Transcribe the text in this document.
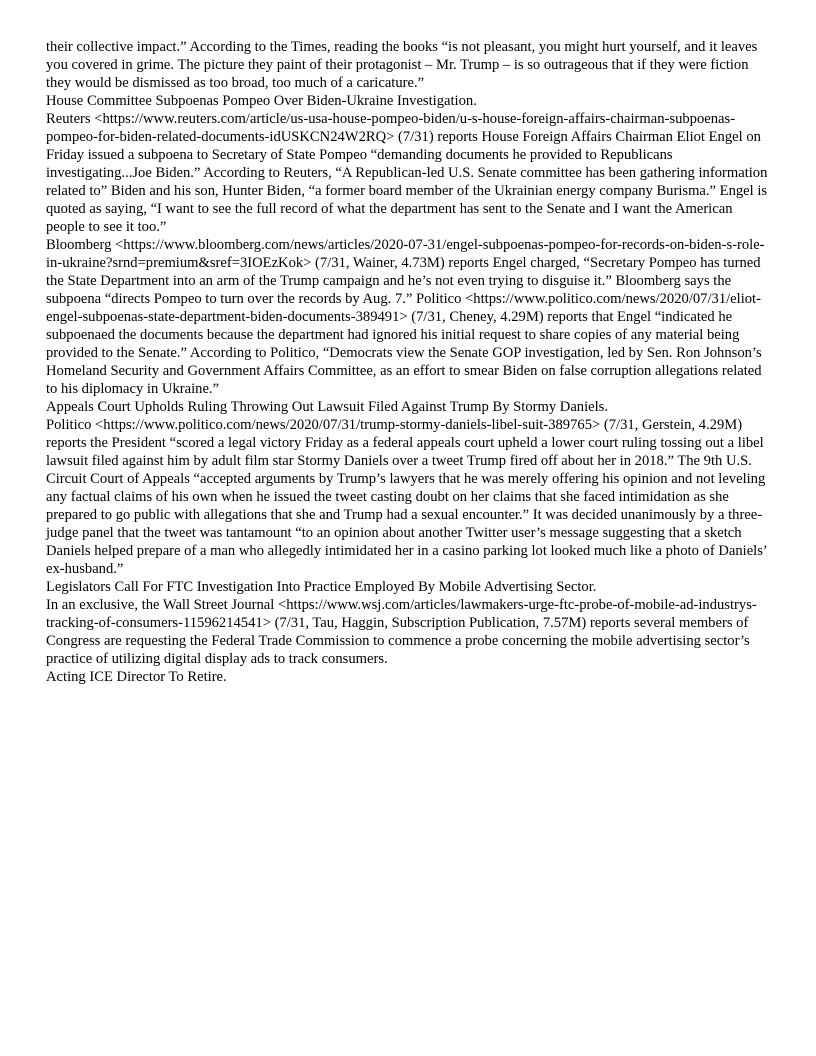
their collective impact.” According to the Times, reading the books “is not pleasant, you might hurt yourself, and it leaves you covered in grime. The picture they paint of their protagonist – Mr. Trump – is so outrageous that if they were fiction they would be dismissed as too broad, too much of a caricature.”

House Committee Subpoenas Pompeo Over Biden-Ukraine Investigation.

Reuters <https://www.reuters.com/article/us-usa-house-pompeo-biden/u-s-house-foreign-affairs-chairman-subpoenas-pompeo-for-biden-related-documents-idUSKCN24W2RQ> (7/31) reports House Foreign Affairs Chairman Eliot Engel on Friday issued a subpoena to Secretary of State Pompeo “demanding documents he provided to Republicans investigating...Joe Biden.” According to Reuters, “A Republican-led U.S. Senate committee has been gathering information related to” Biden and his son, Hunter Biden, “a former board member of the Ukrainian energy company Burisma.” Engel is quoted as saying, “I want to see the full record of what the department has sent to the Senate and I want the American people to see it too.”

Bloomberg <https://www.bloomberg.com/news/articles/2020-07-31/engel-subpoenas-pompeo-for-records-on-biden-s-role-in-ukraine?srnd=premium&sref=3IOEzKok> (7/31, Wainer, 4.73M) reports Engel charged, “Secretary Pompeo has turned the State Department into an arm of the Trump campaign and he’s not even trying to disguise it.” Bloomberg says the subpoena “directs Pompeo to turn over the records by Aug. 7.” Politico <https://www.politico.com/news/2020/07/31/eliot-engel-subpoenas-state-department-biden-documents-389491> (7/31, Cheney, 4.29M) reports that Engel “indicated he subpoenaed the documents because the department had ignored his initial request to share copies of any material being provided to the Senate.” According to Politico, “Democrats view the Senate GOP investigation, led by Sen. Ron Johnson’s Homeland Security and Government Affairs Committee, as an effort to smear Biden on false corruption allegations related to his diplomacy in Ukraine.”

Appeals Court Upholds Ruling Throwing Out Lawsuit Filed Against Trump By Stormy Daniels.

Politico <https://www.politico.com/news/2020/07/31/trump-stormy-daniels-libel-suit-389765> (7/31, Gerstein, 4.29M) reports the President “scored a legal victory Friday as a federal appeals court upheld a lower court ruling tossing out a libel lawsuit filed against him by adult film star Stormy Daniels over a tweet Trump fired off about her in 2018.” The 9th U.S. Circuit Court of Appeals “accepted arguments by Trump’s lawyers that he was merely offering his opinion and not leveling any factual claims of his own when he issued the tweet casting doubt on her claims that she faced intimidation as she prepared to go public with allegations that she and Trump had a sexual encounter.” It was decided unanimously by a three-judge panel that the tweet was tantamount “to an opinion about another Twitter user’s message suggesting that a sketch Daniels helped prepare of a man who allegedly intimidated her in a casino parking lot looked much like a photo of Daniels’ ex-husband.”

Legislators Call For FTC Investigation Into Practice Employed By Mobile Advertising Sector.

In an exclusive, the Wall Street Journal <https://www.wsj.com/articles/lawmakers-urge-ftc-probe-of-mobile-ad-industrys-tracking-of-consumers-11596214541> (7/31, Tau, Haggin, Subscription Publication, 7.57M) reports several members of Congress are requesting the Federal Trade Commission to commence a probe concerning the mobile advertising sector’s practice of utilizing digital display ads to track consumers.

Acting ICE Director To Retire.
